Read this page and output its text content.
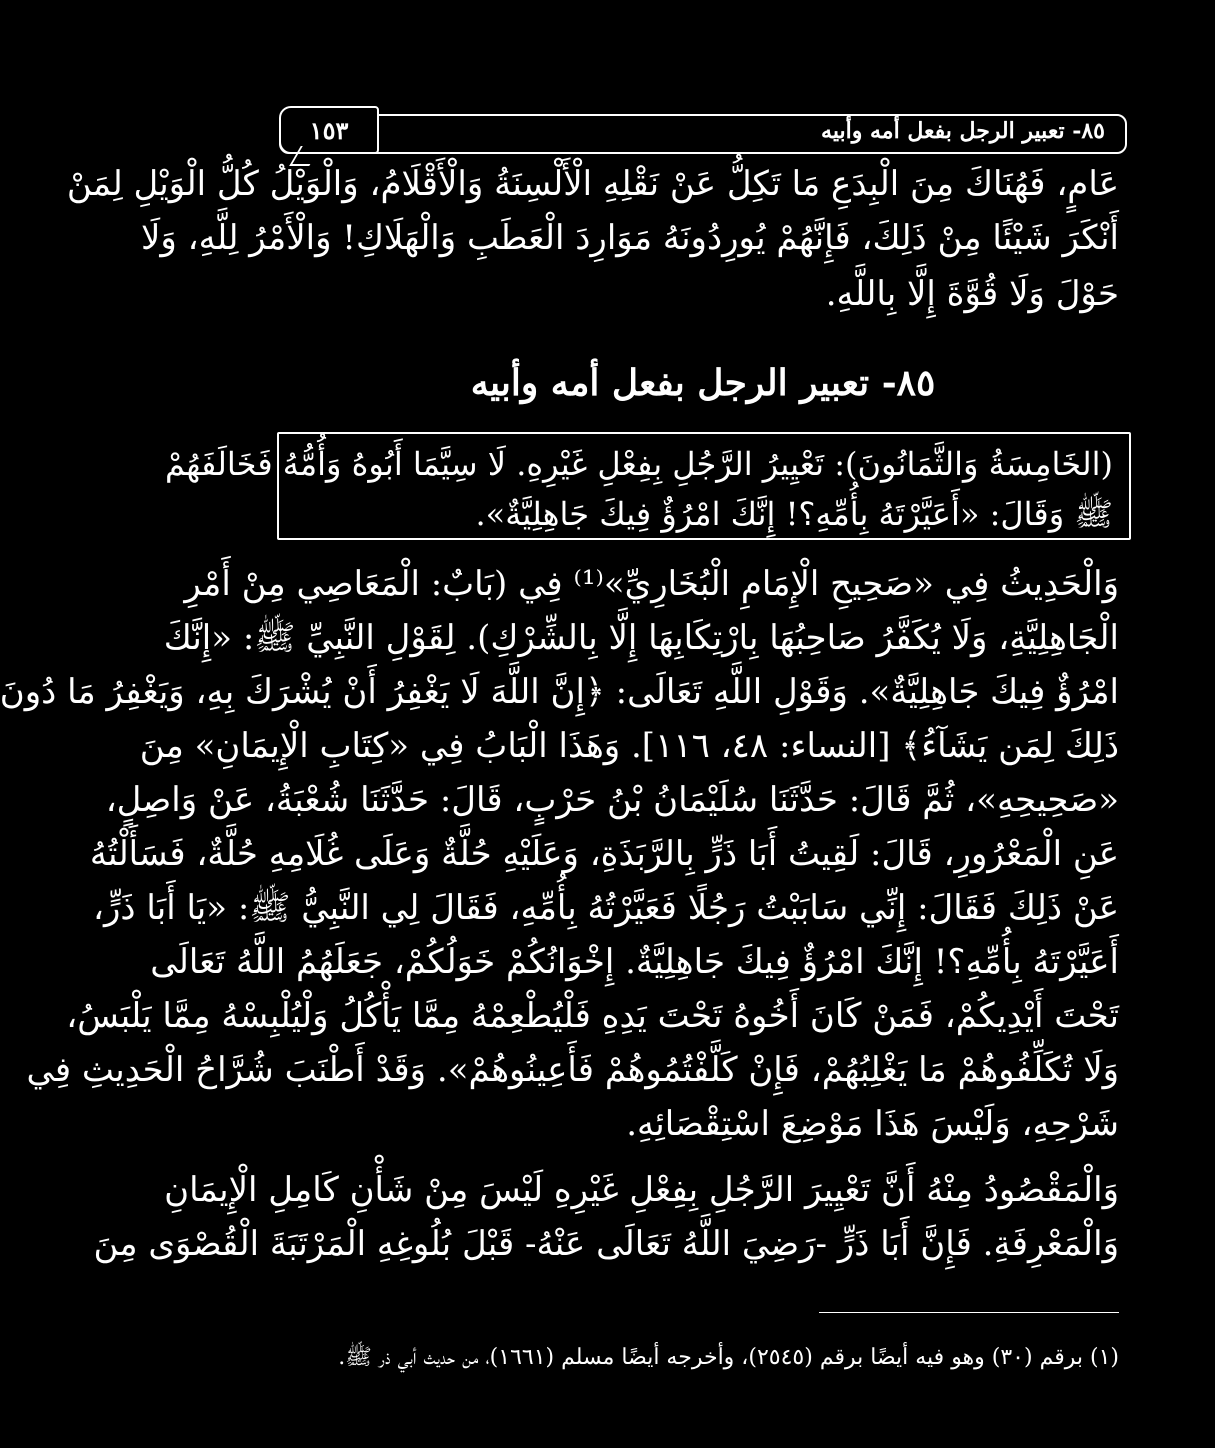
١٥٣	٨٥- تعبير الرجل بفعل أمه وأبيه
عَامٍ، فَهُنَاكَ مِنَ الْبِدَعِ مَا تَكِلُّ عَنْ نَقْلِهِ الْأَلْسِنَةُ وَالْأَقْلَامُ، وَالْوَيْلُ كُلُّ الْوَيْلِ لِمَنْ
أَنْكَرَ شَيْئًا مِنْ ذَلِكَ، فَإِنَّهُمْ يُورِدُونَهُ مَوَارِدَ الْعَطَبِ وَالْهَلَاكِ! وَالْأَمْرُ لِلَّهِ، وَلَا
حَوْلَ وَلَا قُوَّةَ إِلَّا بِاللَّهِ.
٨٥- تعبير الرجل بفعل أمه وأبيه
(الخَامِسَةُ وَالثَّمَانُونَ): تَعْيِيرُ الرَّجُلِ بِفِعْلِ غَيْرِهِ. لَا سِيَّمَا أَبُوهُ وَأُمُّهُ فَخَالَفَهُمْ
ﷺ وَقَالَ: «أَعَيَّرْتَهُ بِأُمِّهِ؟! إِنَّكَ امْرُؤٌ فِيكَ جَاهِلِيَّةٌ».
وَالْحَدِيثُ فِي «صَحِيحِ الْإِمَامِ الْبُخَارِيِّ»⁽¹⁾ فِي (بَابٌ: الْمَعَاصِي مِنْ أَمْرِ
الْجَاهِلِيَّةِ، وَلَا يُكَفَّرُ صَاحِبُهَا بِارْتِكَابِهَا إِلَّا بِالشِّرْكِ). لِقَوْلِ النَّبِيِّ ﷺ: «إِنَّكَ
امْرُؤٌ فِيكَ جَاهِلِيَّةٌ». وَقَوْلِ اللَّهِ تَعَالَى: ﴿إِنَّ اللَّهَ لَا يَغْفِرُ أَنْ يُشْرَكَ بِهِ، وَيَغْفِرُ مَا دُونَ
ذَلِكَ لِمَن يَشَآءُ﴾ [النساء: ٤٨، ١١٦]. وَهَذَا الْبَابُ فِي «كِتَابِ الْإِيمَانِ» مِنَ
«صَحِيحِهِ»، ثُمَّ قَالَ: حَدَّثَنَا سُلَيْمَانُ بْنُ حَرْبٍ، قَالَ: حَدَّثَنَا شُعْبَةُ، عَنْ وَاصِلٍ،
عَنِ الْمَعْرُورِ، قَالَ: لَقِيتُ أَبَا ذَرٍّ بِالرَّبَذَةِ، وَعَلَيْهِ حُلَّةٌ وَعَلَى غُلَامِهِ حُلَّةٌ، فَسَأَلْتُهُ
عَنْ ذَلِكَ فَقَالَ: إِنِّي سَابَبْتُ رَجُلًا فَعَيَّرْتُهُ بِأُمِّهِ، فَقَالَ لِي النَّبِيُّ ﷺ: «يَا أَبَا ذَرٍّ،
أَعَيَّرْتَهُ بِأُمِّهِ؟! إِنَّكَ امْرُؤٌ فِيكَ جَاهِلِيَّةٌ. إِخْوَانُكُمْ خَوَلُكُمْ، جَعَلَهُمُ اللَّهُ تَعَالَى
تَحْتَ أَيْدِيكُمْ، فَمَنْ كَانَ أَخُوهُ تَحْتَ يَدِهِ فَلْيُطْعِمْهُ مِمَّا يَأْكُلُ وَلْيُلْبِسْهُ مِمَّا يَلْبَسُ،
وَلَا تُكَلِّفُوهُمْ مَا يَغْلِبُهُمْ، فَإِنْ كَلَّفْتُمُوهُمْ فَأَعِينُوهُمْ». وَقَدْ أَطْنَبَ شُرَّاحُ الْحَدِيثِ فِي
شَرْحِهِ، وَلَيْسَ هَذَا مَوْضِعَ اسْتِقْصَائِهِ.
وَالْمَقْصُودُ مِنْهُ أَنَّ تَعْيِيرَ الرَّجُلِ بِفِعْلِ غَيْرِهِ لَيْسَ مِنْ شَأْنِ كَامِلِ الْإِيمَانِ
وَالْمَعْرِفَةِ. فَإِنَّ أَبَا ذَرٍّ -رَضِيَ اللَّهُ تَعَالَى عَنْهُ- قَبْلَ بُلُوغِهِ الْمَرْتَبَةَ الْقُصْوَى مِنَ
(١) برقم (٣٠) وهو فيه أيضًا برقم (٢٥٤٥)، وأخرجه أيضًا مسلم (١٦٦١)، من حديث أبي ذر ﷺ.
